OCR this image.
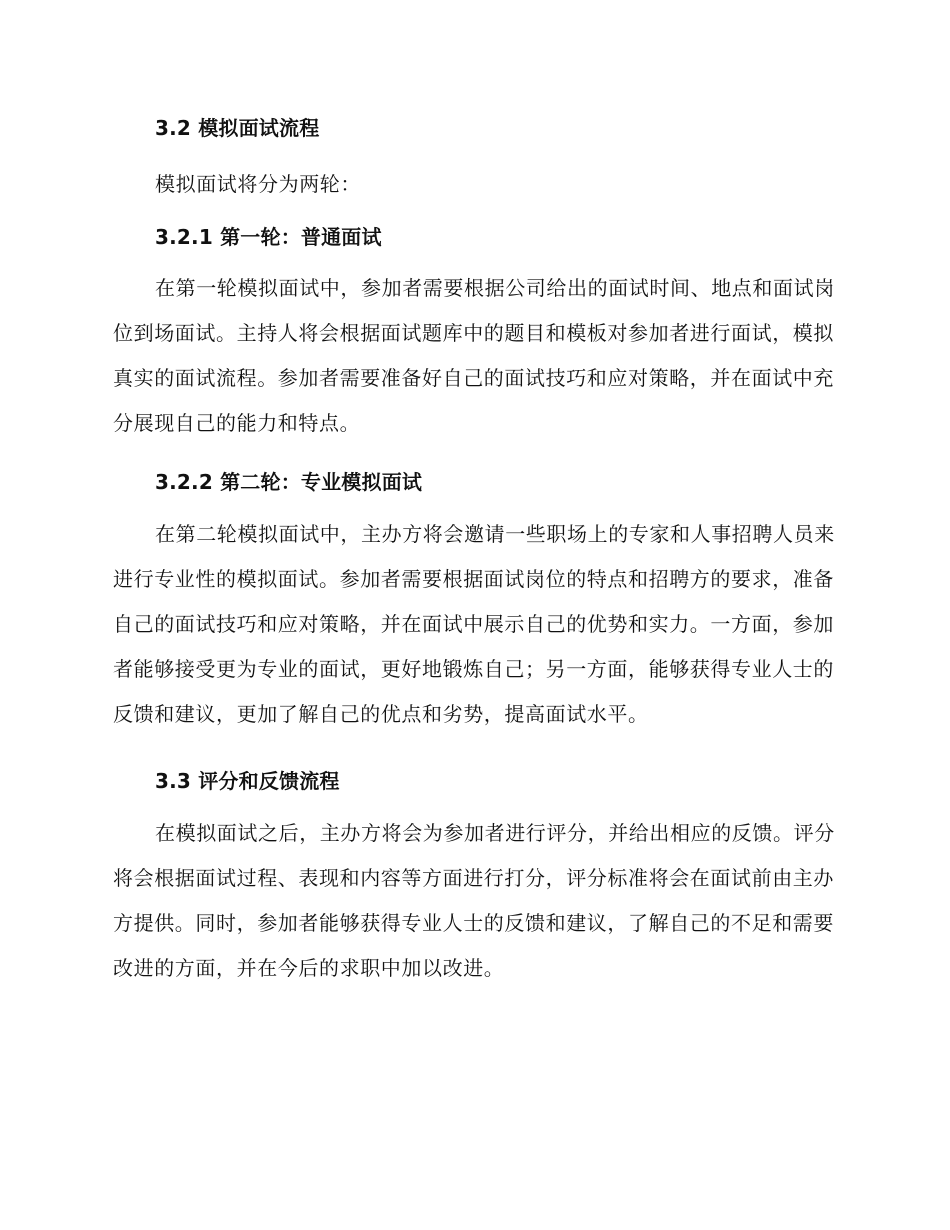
3.2 模拟面试流程

模拟面试将分为两轮：

3.2.1 第一轮：普通面试

在第一轮模拟面试中，参加者需要根据公司给出的面试时间、地点和面试岗位到场面试。主持人将会根据面试题库中的题目和模板对参加者进行面试，模拟真实的面试流程。参加者需要准备好自己的面试技巧和应对策略，并在面试中充分展现自己的能力和特点。

3.2.2 第二轮：专业模拟面试

在第二轮模拟面试中，主办方将会邀请一些职场上的专家和人事招聘人员来进行专业性的模拟面试。参加者需要根据面试岗位的特点和招聘方的要求，准备自己的面试技巧和应对策略，并在面试中展示自己的优势和实力。一方面，参加者能够接受更为专业的面试，更好地锻炼自己；另一方面，能够获得专业人士的反馈和建议，更加了解自己的优点和劣势，提高面试水平。

3.3 评分和反馈流程

在模拟面试之后，主办方将会为参加者进行评分，并给出相应的反馈。评分将会根据面试过程、表现和内容等方面进行打分，评分标准将会在面试前由主办方提供。同时，参加者能够获得专业人士的反馈和建议，了解自己的不足和需要改进的方面，并在今后的求职中加以改进。
